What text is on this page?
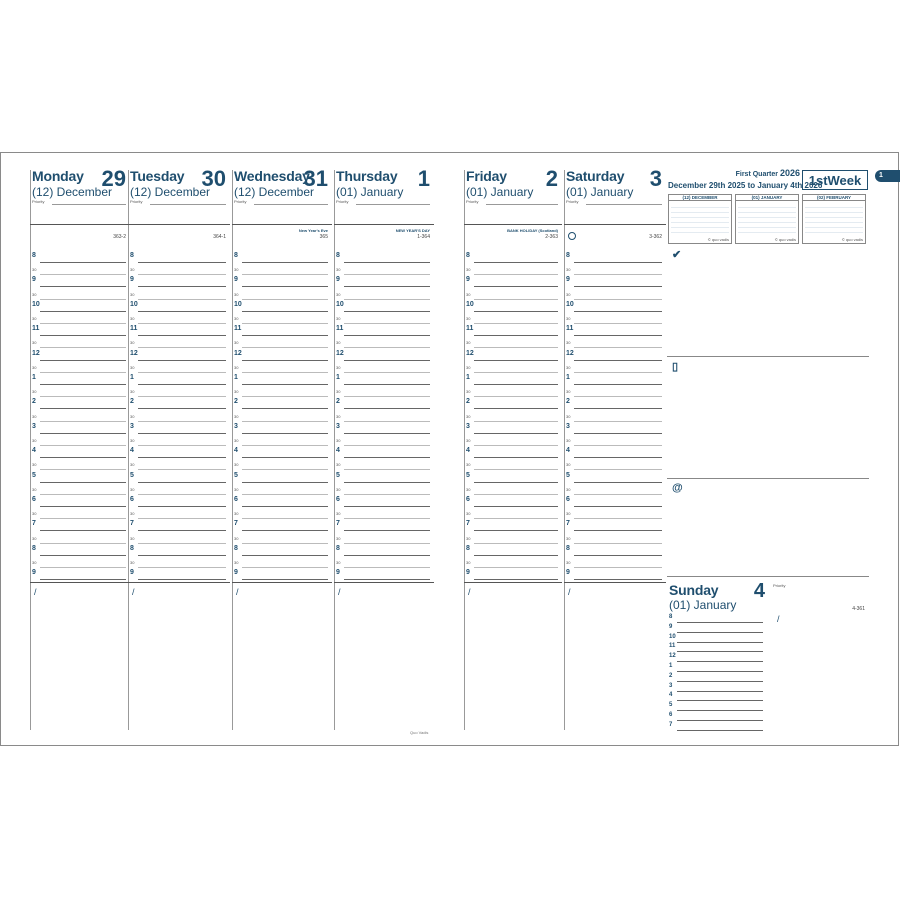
1
Monday 29
(12) December
Priority
363-2
8
30
9
30
10
30
11
30
12
30
1
30
2
30
3
30
4
30
5
30
6
30
7
30
8
30
9
/
Tuesday 30
(12) December
Priority
364-1
8
30
9
30
10
30
11
30
12
30
1
30
2
30
3
30
4
30
5
30
6
30
7
30
8
30
9
/
Wednesday
31
(12) December
Priority
New Year's Eve
365
8
30
9
30
10
30
11
30
12
30
1
30
2
30
3
30
4
30
5
30
6
30
7
30
8
30
9
/
Thursday 1
(01) January
Priority
NEW YEAR'S DAY
1-364
8
30
9
30
10
30
11
30
12
30
1
30
2
30
3
30
4
30
5
30
6
30
7
30
8
30
9
/
Friday 2
(01) January
Priority
BANK HOLIDAY (Scotland)
2-363
8
30
9
30
10
30
11
30
12
30
1
30
2
30
3
30
4
30
5
30
6
30
7
30
8
30
9
/
Saturday 3
(01) January
Priority
3-362
8
30
9
30
10
30
11
30
12
30
1
30
2
30
3
30
4
30
5
30
6
30
7
30
8
30
9
/
First Quarter 2026
December 29th 2025 to January 4th 2026
1stWeek
(12) DECEMBER
© quo vadis
(01) JANUARY
© quo vadis
(02) FEBRUARY
© quo vadis
✔
▯
@
Sunday 4
(01) January
Priority
4-361
8
9
10
11
12
1
2
3
4
5
6
7
/
Quo Vadis
